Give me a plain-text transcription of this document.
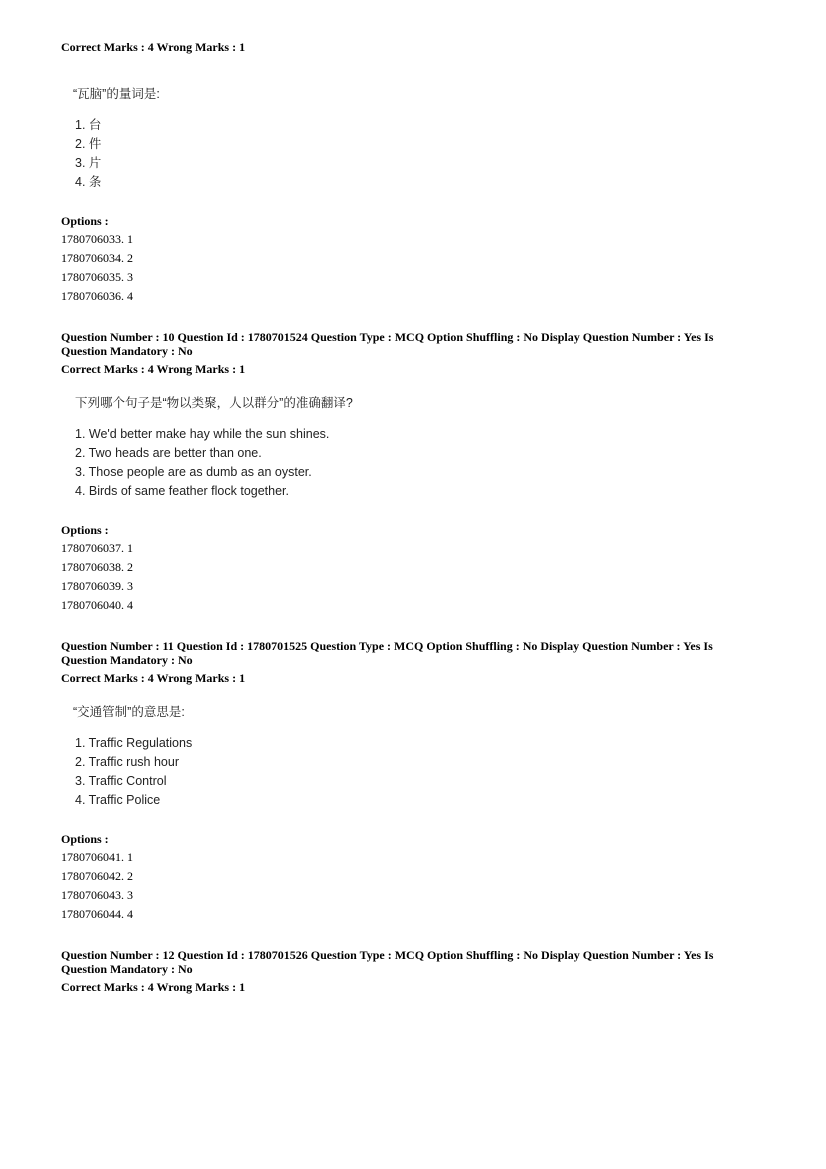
Correct Marks : 4 Wrong Marks : 1
“瓦脑”的量词是:
1. 台
2. 件
3. 片
4. 条
Options :
1780706033. 1
1780706034. 2
1780706035. 3
1780706036. 4
Question Number : 10 Question Id : 1780701524 Question Type : MCQ Option Shuffling : No Display Question Number : Yes Is Question Mandatory : No
Correct Marks : 4 Wrong Marks : 1
下列哪个句子是“物以类聚，人以群分”的准确翻译?
1. We'd better make hay while the sun shines.
2. Two heads are better than one.
3. Those people are as dumb as an oyster.
4. Birds of same feather flock together.
Options :
1780706037. 1
1780706038. 2
1780706039. 3
1780706040. 4
Question Number : 11 Question Id : 1780701525 Question Type : MCQ Option Shuffling : No Display Question Number : Yes Is Question Mandatory : No
Correct Marks : 4 Wrong Marks : 1
“交通管制”的意思是:
1. Traffic Regulations
2. Traffic rush hour
3. Traffic Control
4. Traffic Police
Options :
1780706041. 1
1780706042. 2
1780706043. 3
1780706044. 4
Question Number : 12 Question Id : 1780701526 Question Type : MCQ Option Shuffling : No Display Question Number : Yes Is Question Mandatory : No
Correct Marks : 4 Wrong Marks : 1
